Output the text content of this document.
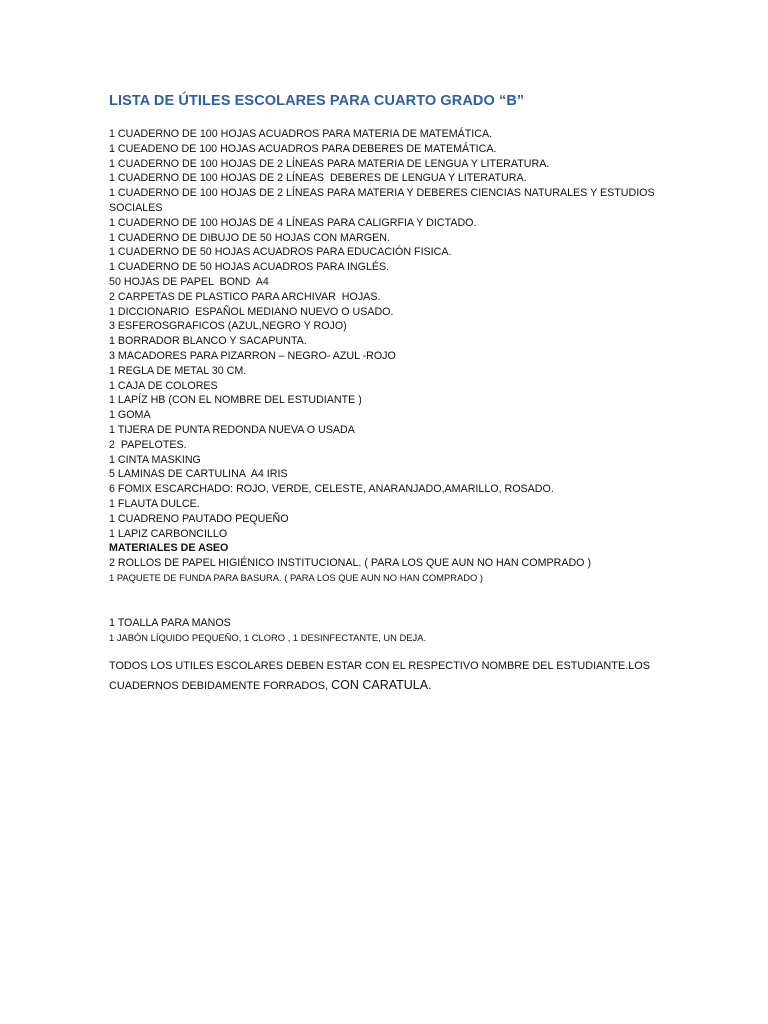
LISTA DE ÚTILES ESCOLARES PARA CUARTO GRADO “B”
1 CUADERNO DE 100 HOJAS ACUADROS PARA MATERIA DE MATEMÁTICA.
1 CUEADENO DE 100 HOJAS ACUADROS PARA DEBERES DE MATEMÁTICA.
1 CUADERNO DE 100 HOJAS DE 2 LÍNEAS PARA MATERIA DE LENGUA Y LITERATURA.
1 CUADERNO DE 100 HOJAS DE 2 LÍNEAS  DEBERES DE LENGUA Y LITERATURA.
1 CUADERNO DE 100 HOJAS DE 2 LÍNEAS PARA MATERIA Y DEBERES CIENCIAS NATURALES Y ESTUDIOS
SOCIALES
1 CUADERNO DE 100 HOJAS DE 4 LÍNEAS PARA CALIGRFIA Y DICTADO.
1 CUADERNO DE DIBUJO DE 50 HOJAS CON MARGEN.
1 CUADERNO DE 50 HOJAS ACUADROS PARA EDUCACIÓN FISICA.
1 CUADERNO DE 50 HOJAS ACUADROS PARA INGLÉS.
50 HOJAS DE PAPEL  BOND  A4
2 CARPETAS DE PLASTICO PARA ARCHIVAR  HOJAS.
1 DICCIONARIO  ESPAÑOL MEDIANO NUEVO O USADO.
3 ESFEROSGRAFICOS (AZUL,NEGRO Y ROJO)
1 BORRADOR BLANCO Y SACAPUNTA.
3 MACADORES PARA PIZARRON – NEGRO- AZUL -ROJO
1 REGLA DE METAL 30 CM.
1 CAJA DE COLORES
1 LAPÍZ HB (CON EL NOMBRE DEL ESTUDIANTE )
1 GOMA
1 TIJERA DE PUNTA REDONDA NUEVA O USADA
2  PAPELOTES.
1 CINTA MASKING
5 LAMINAS DE CARTULINA  A4 IRIS
6 FOMIX ESCARCHADO: ROJO, VERDE, CELESTE, ANARANJADO,AMARILLO, ROSADO.
1 FLAUTA DULCE.
1 CUADRENO PAUTADO PEQUEÑO
1 LAPIZ CARBONCILLO
MATERIALES DE ASEO
2 ROLLOS DE PAPEL HIGIÉNICO INSTITUCIONAL. ( PARA LOS QUE AUN NO HAN COMPRADO )
1 PAQUETE DE FUNDA PARA BASURA. ( PARA LOS QUE AUN NO HAN COMPRADO )
1 TOALLA PARA MANOS
1 JABÓN LÍQUIDO PEQUEÑO, 1 CLORO , 1 DESINFECTANTE, UN DEJA.

TODOS LOS UTILES ESCOLARES DEBEN ESTAR CON EL RESPECTIVO NOMBRE DEL ESTUDIANTE.LOS CUADERNOS DEBIDAMENTE FORRADOS, CON CARATULA.
